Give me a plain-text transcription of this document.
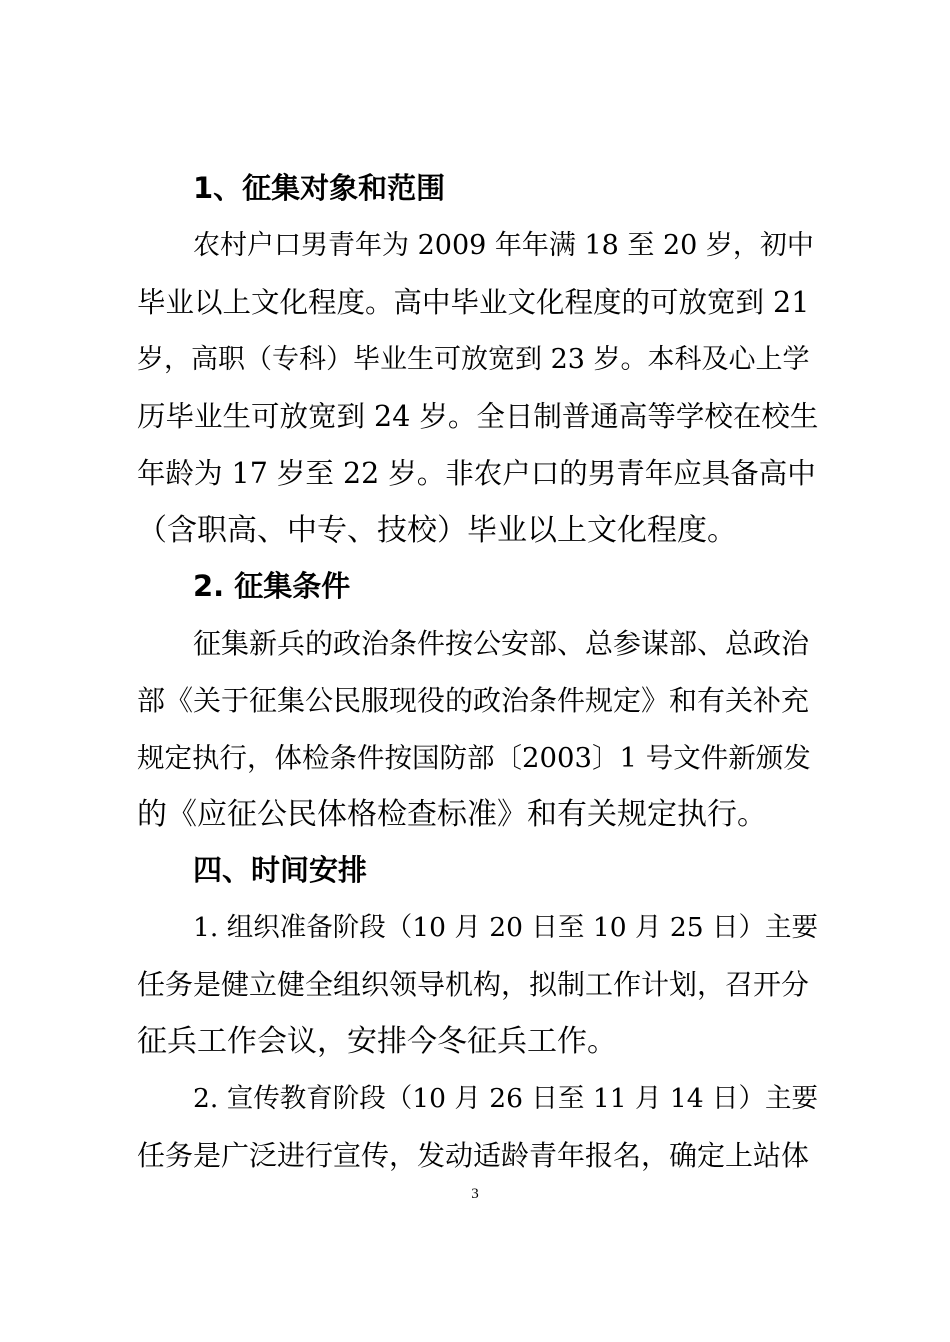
1、征集对象和范围
农村户口男青年为 2009 年年满 18 至 20 岁，初中
毕业以上文化程度。高中毕业文化程度的可放宽到 21
岁，高职（专科）毕业生可放宽到 23 岁。本科及心上学
历毕业生可放宽到 24 岁。全日制普通高等学校在校生
年龄为 17 岁至 22 岁。非农户口的男青年应具备高中
（含职高、中专、技校）毕业以上文化程度。
2. 征集条件
征集新兵的政治条件按公安部、总参谋部、总政治
部《关于征集公民服现役的政治条件规定》和有关补充
规定执行，体检条件按国防部〔2003〕1 号文件新颁发
的《应征公民体格检查标准》和有关规定执行。
四、时间安排
1. 组织准备阶段（10 月 20 日至 10 月 25 日）主要
任务是健立健全组织领导机构，拟制工作计划，召开分
征兵工作会议，安排今冬征兵工作。
2. 宣传教育阶段（10 月 26 日至 11 月 14 日）主要
任务是广泛进行宣传，发动适龄青年报名，确定上站体
3
